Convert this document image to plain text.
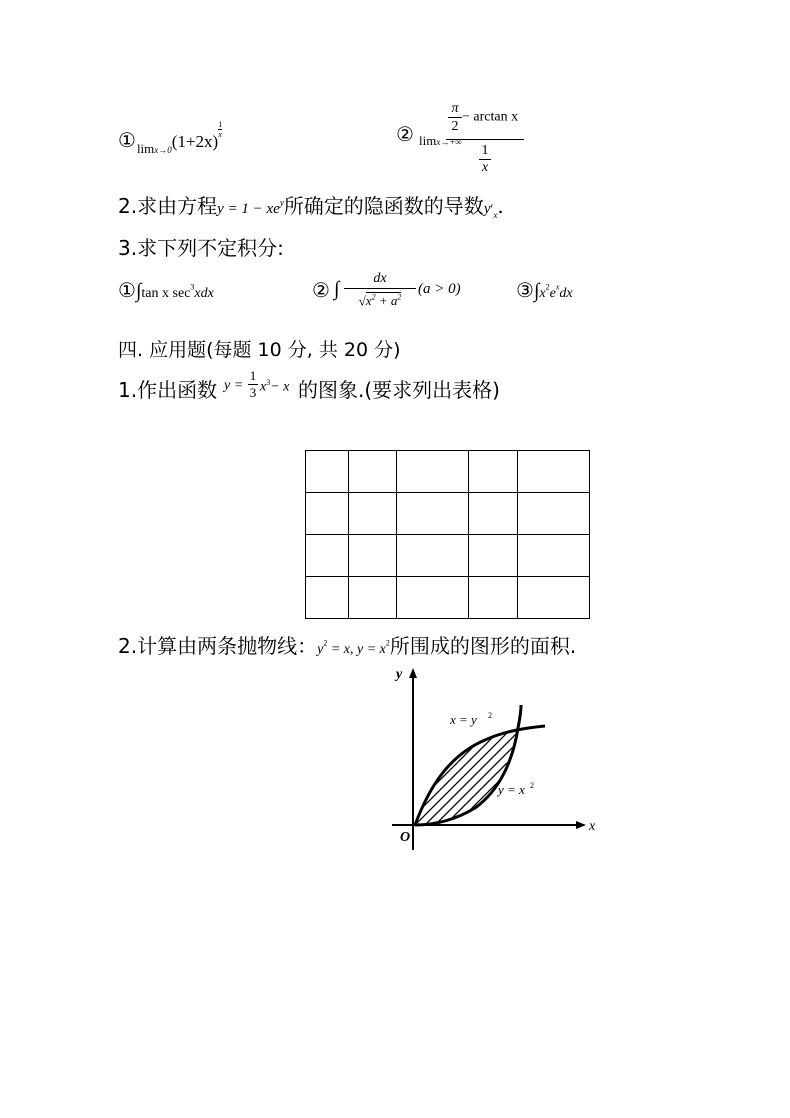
①limx→0(1+2x)
$\frac{1}{x}$	② limx→+∞
$\frac{\pi}{2} - \arctan x$
$\frac{1}{x}$
2.求由方程$y = 1 - xe^y$所确定的隐函数的导数$y'_x$.
3.求下列不定积分:
①∫tan x $\sec^3xdx$	② ∫	dx
$√x^2 + a^2$
(a > 0)	$③\int x^2e^xdx$
四. 应用题(每题 10 分, 共 20 分)
1.作出函数 y =
1
3 $x^3- x$ 的图象.(要求列出表格)

2.计算由两条抛物线：$y^2 = x$, $y = x^2$所围成的图形的面积.
y
x
O
x = y 2
y = x 2
